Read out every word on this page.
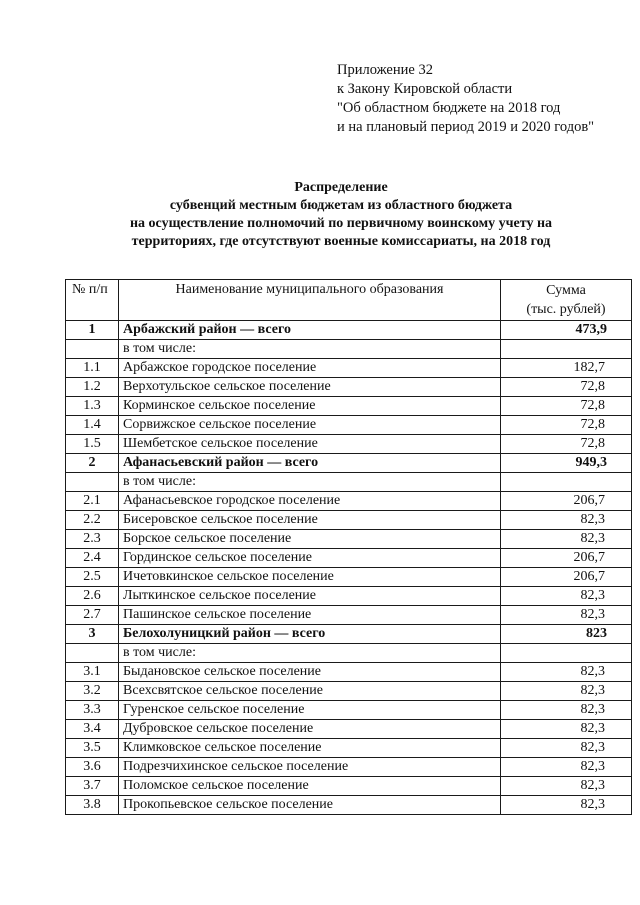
Приложение 32
к Закону Кировской области
"Об областном бюджете на 2018 год
и на плановый период 2019 и 2020 годов"
Распределение
субвенций местным бюджетам из областного бюджета
на осуществление полномочий по первичному воинскому учету на
территориях, где отсутствуют военные комиссариаты, на 2018 год
№ п/п	Наименование муниципального образования	Сумма
(тыс. рублей)

1	Арбажский район — всего	473,9
	в том числе:	
1.1	Арбажское городское поселение	182,7
1.2	Верхотульское сельское поселение	72,8
1.3	Корминское сельское поселение	72,8
1.4	Сорвижское сельское поселение	72,8
1.5	Шембетское сельское поселение	72,8
2	Афанасьевский район — всего	949,3
	в том числе:	
2.1	Афанасьевское городское поселение	206,7
2.2	Бисеровское сельское поселение	82,3
2.3	Борское сельское поселение	82,3
2.4	Гординское сельское поселение	206,7
2.5	Ичетовкинское сельское поселение	206,7
2.6	Лыткинское сельское поселение	82,3
2.7	Пашинское сельское поселение	82,3
3	Белохолуницкий район — всего	823
	в том числе:	
3.1	Быдановское сельское поселение	82,3
3.2	Всехсвятское сельское поселение	82,3
3.3	Гуренское сельское поселение	82,3
3.4	Дубровское сельское поселение	82,3
3.5	Климковское сельское поселение	82,3
3.6	Подрезчихинское сельское поселение	82,3
3.7	Поломское сельское поселение	82,3
3.8	Прокопьевское сельское поселение	82,3
